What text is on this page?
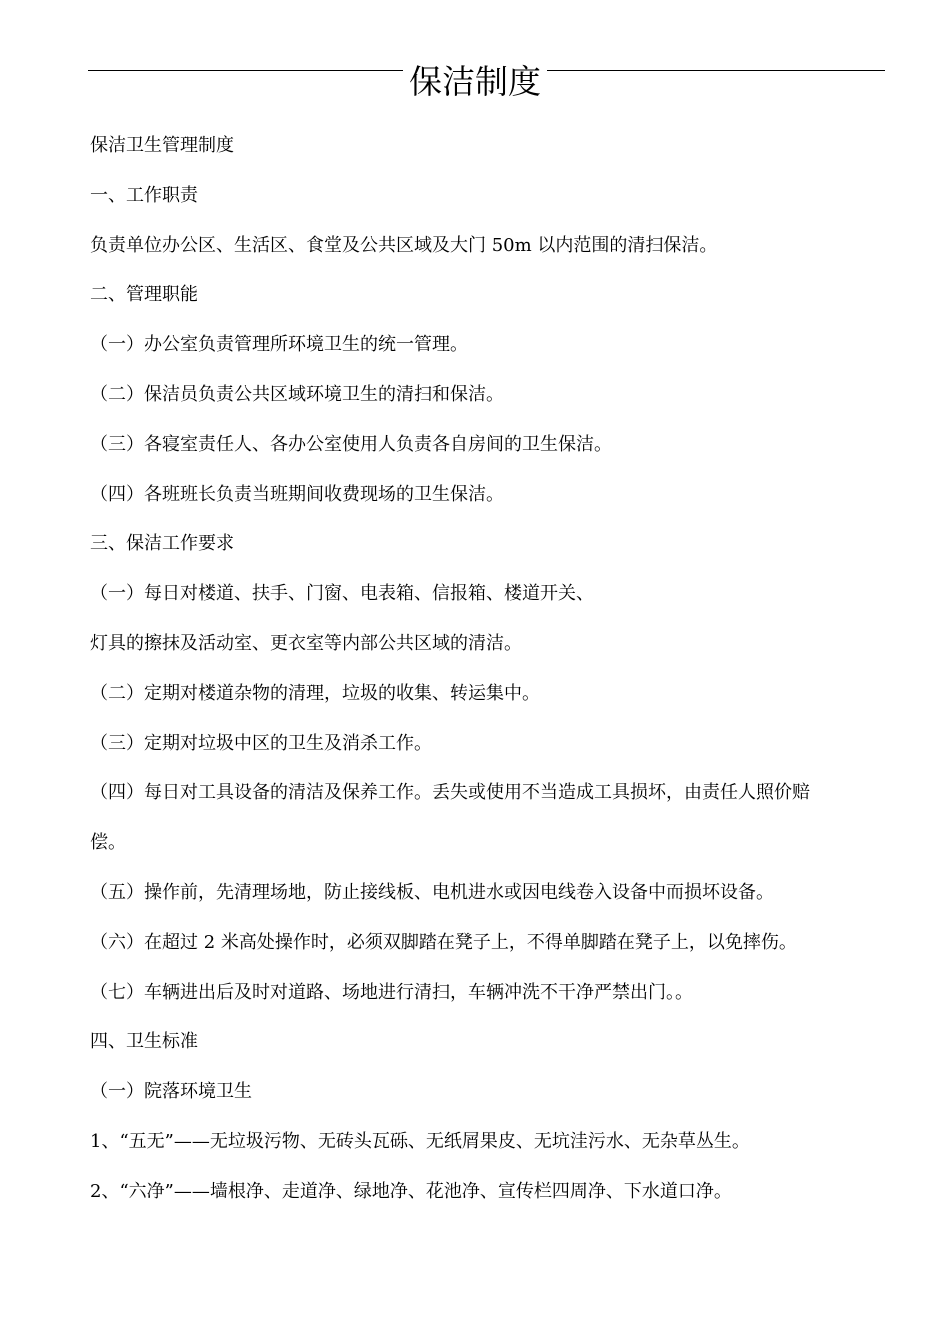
保洁制度

保洁卫生管理制度

一、工作职责

负责单位办公区、生活区、食堂及公共区域及大门 50m 以内范围的清扫保洁。

二、管理职能

（一）办公室负责管理所环境卫生的统一管理。

（二）保洁员负责公共区域环境卫生的清扫和保洁。

（三）各寝室责任人、各办公室使用人负责各自房间的卫生保洁。

（四）各班班长负责当班期间收费现场的卫生保洁。

三、保洁工作要求

（一）每日对楼道、扶手、门窗、电表箱、信报箱、楼道开关、

灯具的擦抹及活动室、更衣室等内部公共区域的清洁。

（二）定期对楼道杂物的清理，垃圾的收集、转运集中。

（三）定期对垃圾中区的卫生及消杀工作。

（四）每日对工具设备的清洁及保养工作。丢失或使用不当造成工具损坏，由责任人照价赔

偿。

（五）操作前，先清理场地，防止接线板、电机进水或因电线卷入设备中而损坏设备。

（六）在超过 2 米高处操作时，必须双脚踏在凳子上，不得单脚踏在凳子上，以免摔伤。

（七）车辆进出后及时对道路、场地进行清扫，车辆冲洗不干净严禁出门。。

四、卫生标准

（一）院落环境卫生

1、“五无”——无垃圾污物、无砖头瓦砾、无纸屑果皮、无坑洼污水、无杂草丛生。

2、“六净”——墙根净、走道净、绿地净、花池净、宣传栏四周净、下水道口净。
